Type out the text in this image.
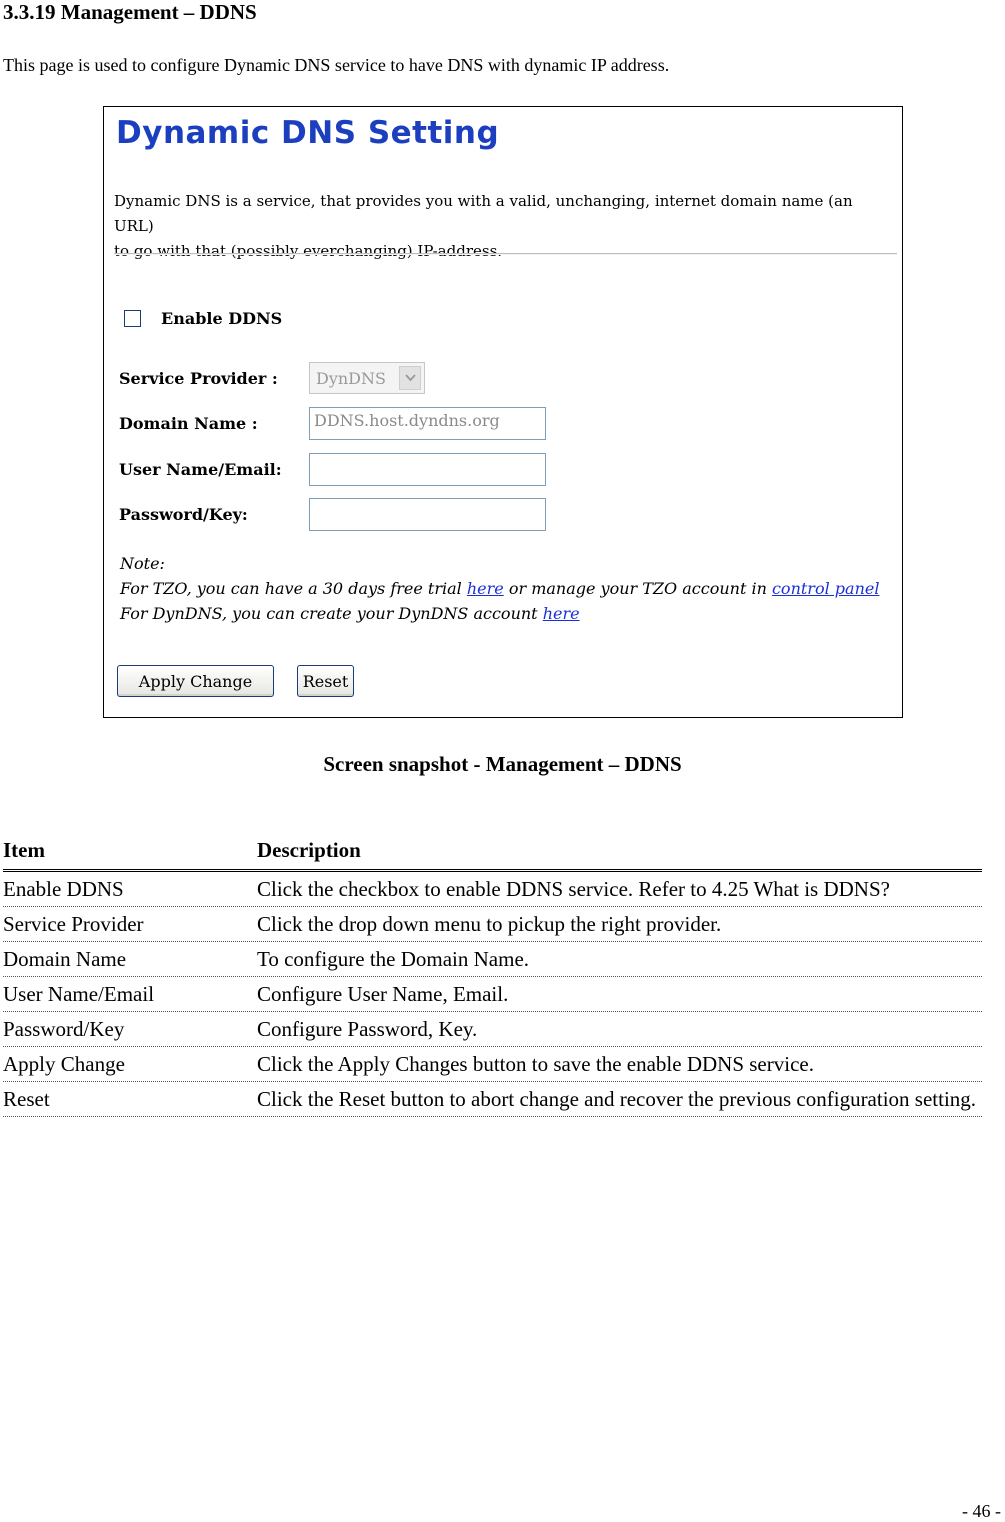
3.3.19 Management – DDNS

This page is used to configure Dynamic DNS service to have DNS with dynamic IP address.

Dynamic DNS Setting
Dynamic DNS is a service, that provides you with a valid, unchanging, internet domain name (an URL)
to go with that (possibly everchanging) IP-address.
Enable DDNS
Service Provider :	DynDNS
Domain Name :	DDNS.host.dyndns.org
User Name/Email:
Password/Key:
Note:
For TZO, you can have a 30 days free trial here or manage your TZO account in control panel
For DynDNS, you can create your DynDNS account here
Apply Change	Reset

Screen snapshot - Management – DDNS

Item	Description
Enable DDNS	Click the checkbox to enable DDNS service. Refer to 4.25 What is DDNS?
Service Provider	Click the drop down menu to pickup the right provider.
Domain Name	To configure the Domain Name.
User Name/Email	Configure User Name, Email.
Password/Key	Configure Password, Key.
Apply Change	Click the Apply Changes button to save the enable DDNS service.
Reset	Click the Reset button to abort change and recover the previous configuration setting.
- 46 -
